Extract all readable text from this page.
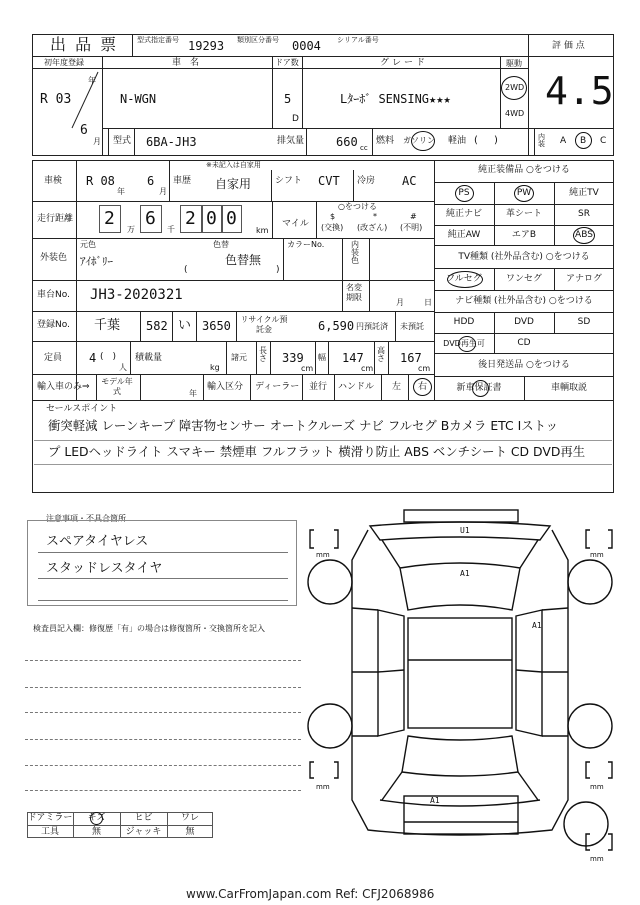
出 品 票	型式指定番号 19293 類別区分番号 0004 シリアル番号
評 価 点
4.5
初年度登録
年
R 03
6
月
車　名
N-WGN
ドア数
5
D
グレード
Lﾀｰﾎﾞ SENSING★★★
駆動
2WD
4WD
型式 6BA-JH3	排気量	660 cc
燃料 ガソリン 軽油 ( )	内装 A B C
車検 R 08
年
6
月
車歴
※未記入は自家用
自家用	シフト CVT 冷房 AC
走行距離 2
万
6
千
2 0 0
km
マイル
○をつける
$
(交換)
*
(改ざん)
#
(不明)
外装色
元色
ｱｲﾎﾞﾘｰ
色替
(
色替無
)
カラーNo.	内装色
車台No. JH3-2020321	名変期限
月	日
登録No. 千葉 582 い 3650 リサイクル預託金	6,590 円預託済 未預託
定員 4 (　)
人
積載量
kg
諸元
長さ 339
cm
幅 147
cm
高さ 167
cm
輸入車のみ⇒
モデル年式	年
輸入区分 ディーラー 並行 ハンドル 左 右
純正装備品 ○をつける
PS	PW	純正TV
純正ナビ	革シート	SR
純正AW	エアB	ABS
TV種類 (社外品含む) ○をつける
フルセグ	ワンセグ	アナログ
ナビ種類 (社外品含む) ○をつける
HDD	DVD	SD
DVD再生可	CD
後日発送品 ○をつける
新車保証書	車輌取説
セールスポイント
衝突軽減 レーンキープ 障害物センサー オートクルーズ ナビ フルセグ Bカメラ ETC Iストッ
プ LEDヘッドライト スマキー 禁煙車 フルフラット 横滑り防止 ABS ベンチシート CD DVD再生
注意事項・不具合箇所
スペアタイヤレス
スタッドレスタイヤ
検査員記入欄：修復歴「有」の場合は修復箇所・交換箇所を記入
ドアミラー	キズ	ヒビ	ワレ
工具	無	ジャッキ	無
U1
A1
A1
A1
mm	mm
mm	mm
mm
www.CarFromJapan.com Ref: CFJ2068986
